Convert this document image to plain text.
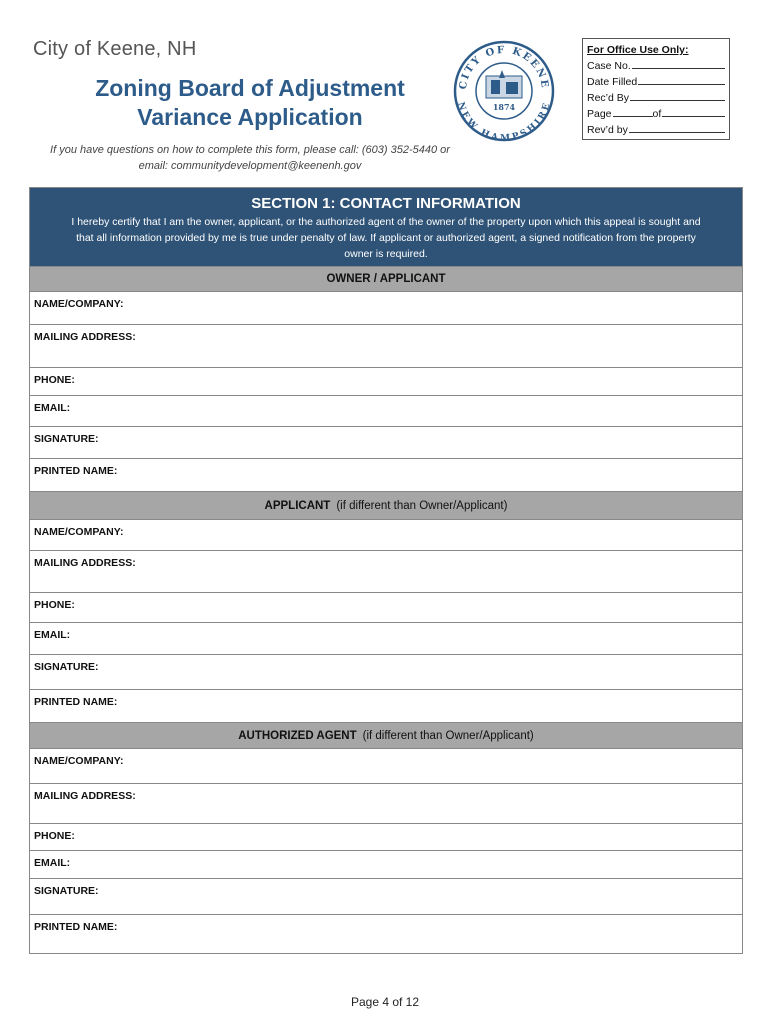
City of Keene, NH
Zoning Board of Adjustment
Variance Application
If you have questions on how to complete this form, please call: (603) 352-5440 or
email: communitydevelopment@keenenh.gov
CITY OF KEENE
NEW HAMPSHIRE
1874
For Office Use Only:
Case No.
Date Filled
Rec’d By
Page	of
Rev’d by
SECTION 1: CONTACT INFORMATION
I hereby certify that I am the owner, applicant, or the authorized agent of the owner of the property upon which this appeal is sought and
that all information provided by me is true under penalty of law. If applicant or authorized agent, a signed notification from the property
owner is required.
OWNER / APPLICANT
NAME/COMPANY:
MAILING ADDRESS:
PHONE:
EMAIL:
SIGNATURE:
PRINTED NAME:
APPLICANT (if different than Owner/Applicant)
NAME/COMPANY:
MAILING ADDRESS:
PHONE:
EMAIL:
SIGNATURE:
PRINTED NAME:
AUTHORIZED AGENT (if different than Owner/Applicant)
NAME/COMPANY:
MAILING ADDRESS:
PHONE:
EMAIL:
SIGNATURE:
PRINTED NAME:
Page 4 of 12
